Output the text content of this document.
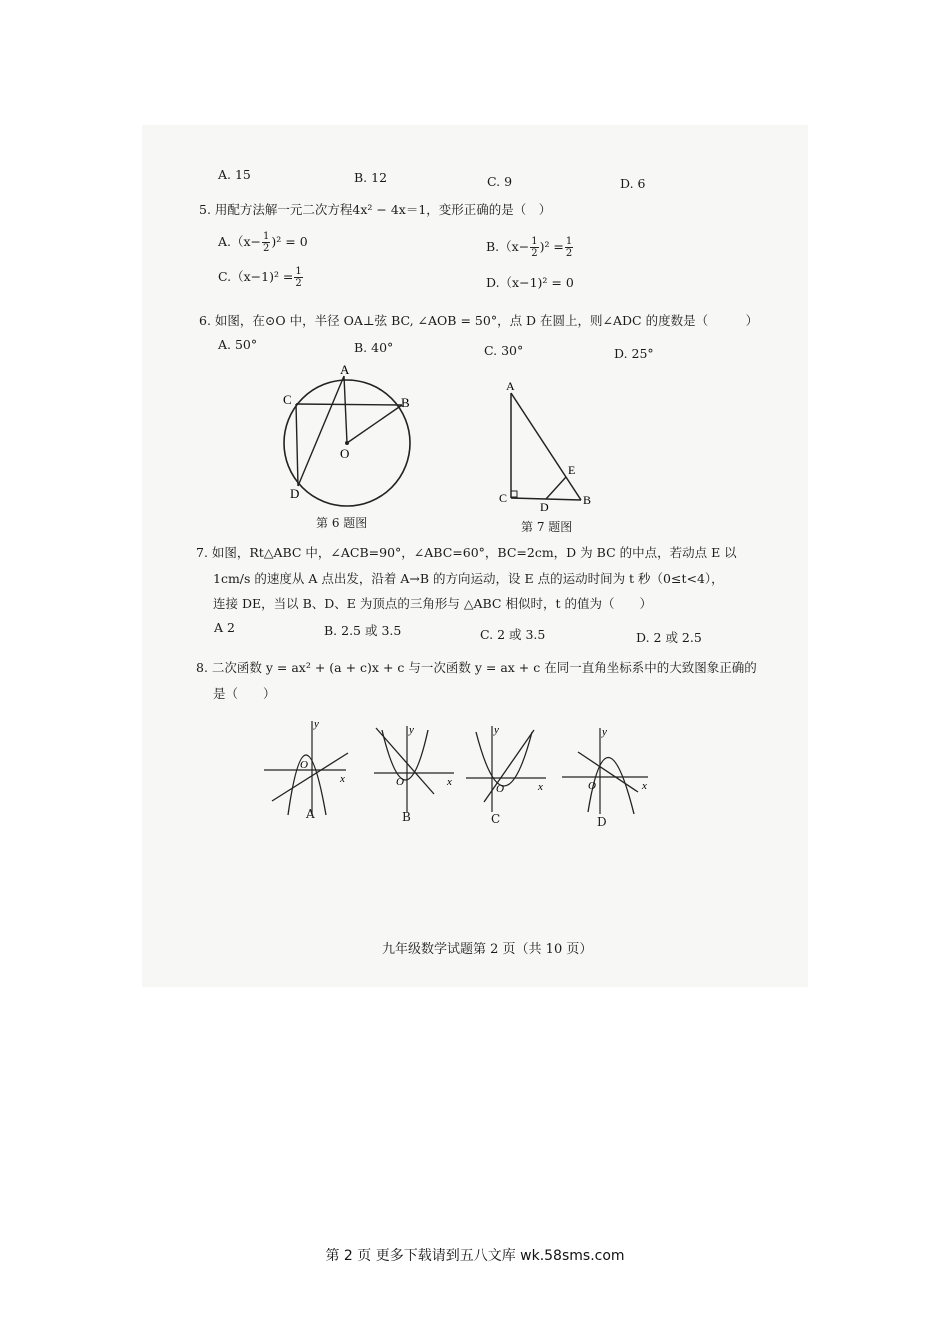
A. 15	B. 12	C. 9	D. 6
5. 用配方法解一元二次方程4x² − 4x＝1，变形正确的是（　）
$A.(x- \frac{1}{2} )^2 = 0$	$B.(x- \frac{1}{2} )^2 = \frac{1}{2}$
$C.(x-1)^2 = \frac{1}{2}$	D.（x−1)² = 0
6. 如图，在⊙O 中，半径 OA⊥弦 BC, ∠AOB = 50°，点 D 在圆上，则∠ADC 的度数是（　　　）
A. 50°	B. 40°	C. 30°	D. 25°
A
B
C
O
D
第 6 题图
A
B
C
D
E
第 7 题图
7. 如图，Rt△ABC 中，∠ACB=90°，∠ABC=60°，BC=2cm，D 为 BC 的中点，若动点 E 以
1cm/s 的速度从 A 点出发，沿着 A→B 的方向运动，设 E 点的运动时间为 t 秒（0≤t<4），
连接 DE，当以 B、D、E 为顶点的三角形与 △ABC 相似时，t 的值为（　　）
A 2	B. 2.5 或 3.5	C. 2 或 3.5	D. 2 或 2.5
8. 二次函数 y = ax² + (a + c)x + c 与一次函数 y = ax + c 在同一直角坐标系中的大致图象正确的
是（　　）
y
x
O
y
x
O
y
x
O
y
x
O
A	B	C	D
九年级数学试题第 2 页（共 10 页）
第 2 页 更多下载请到五八文库 wk.58sms.com
